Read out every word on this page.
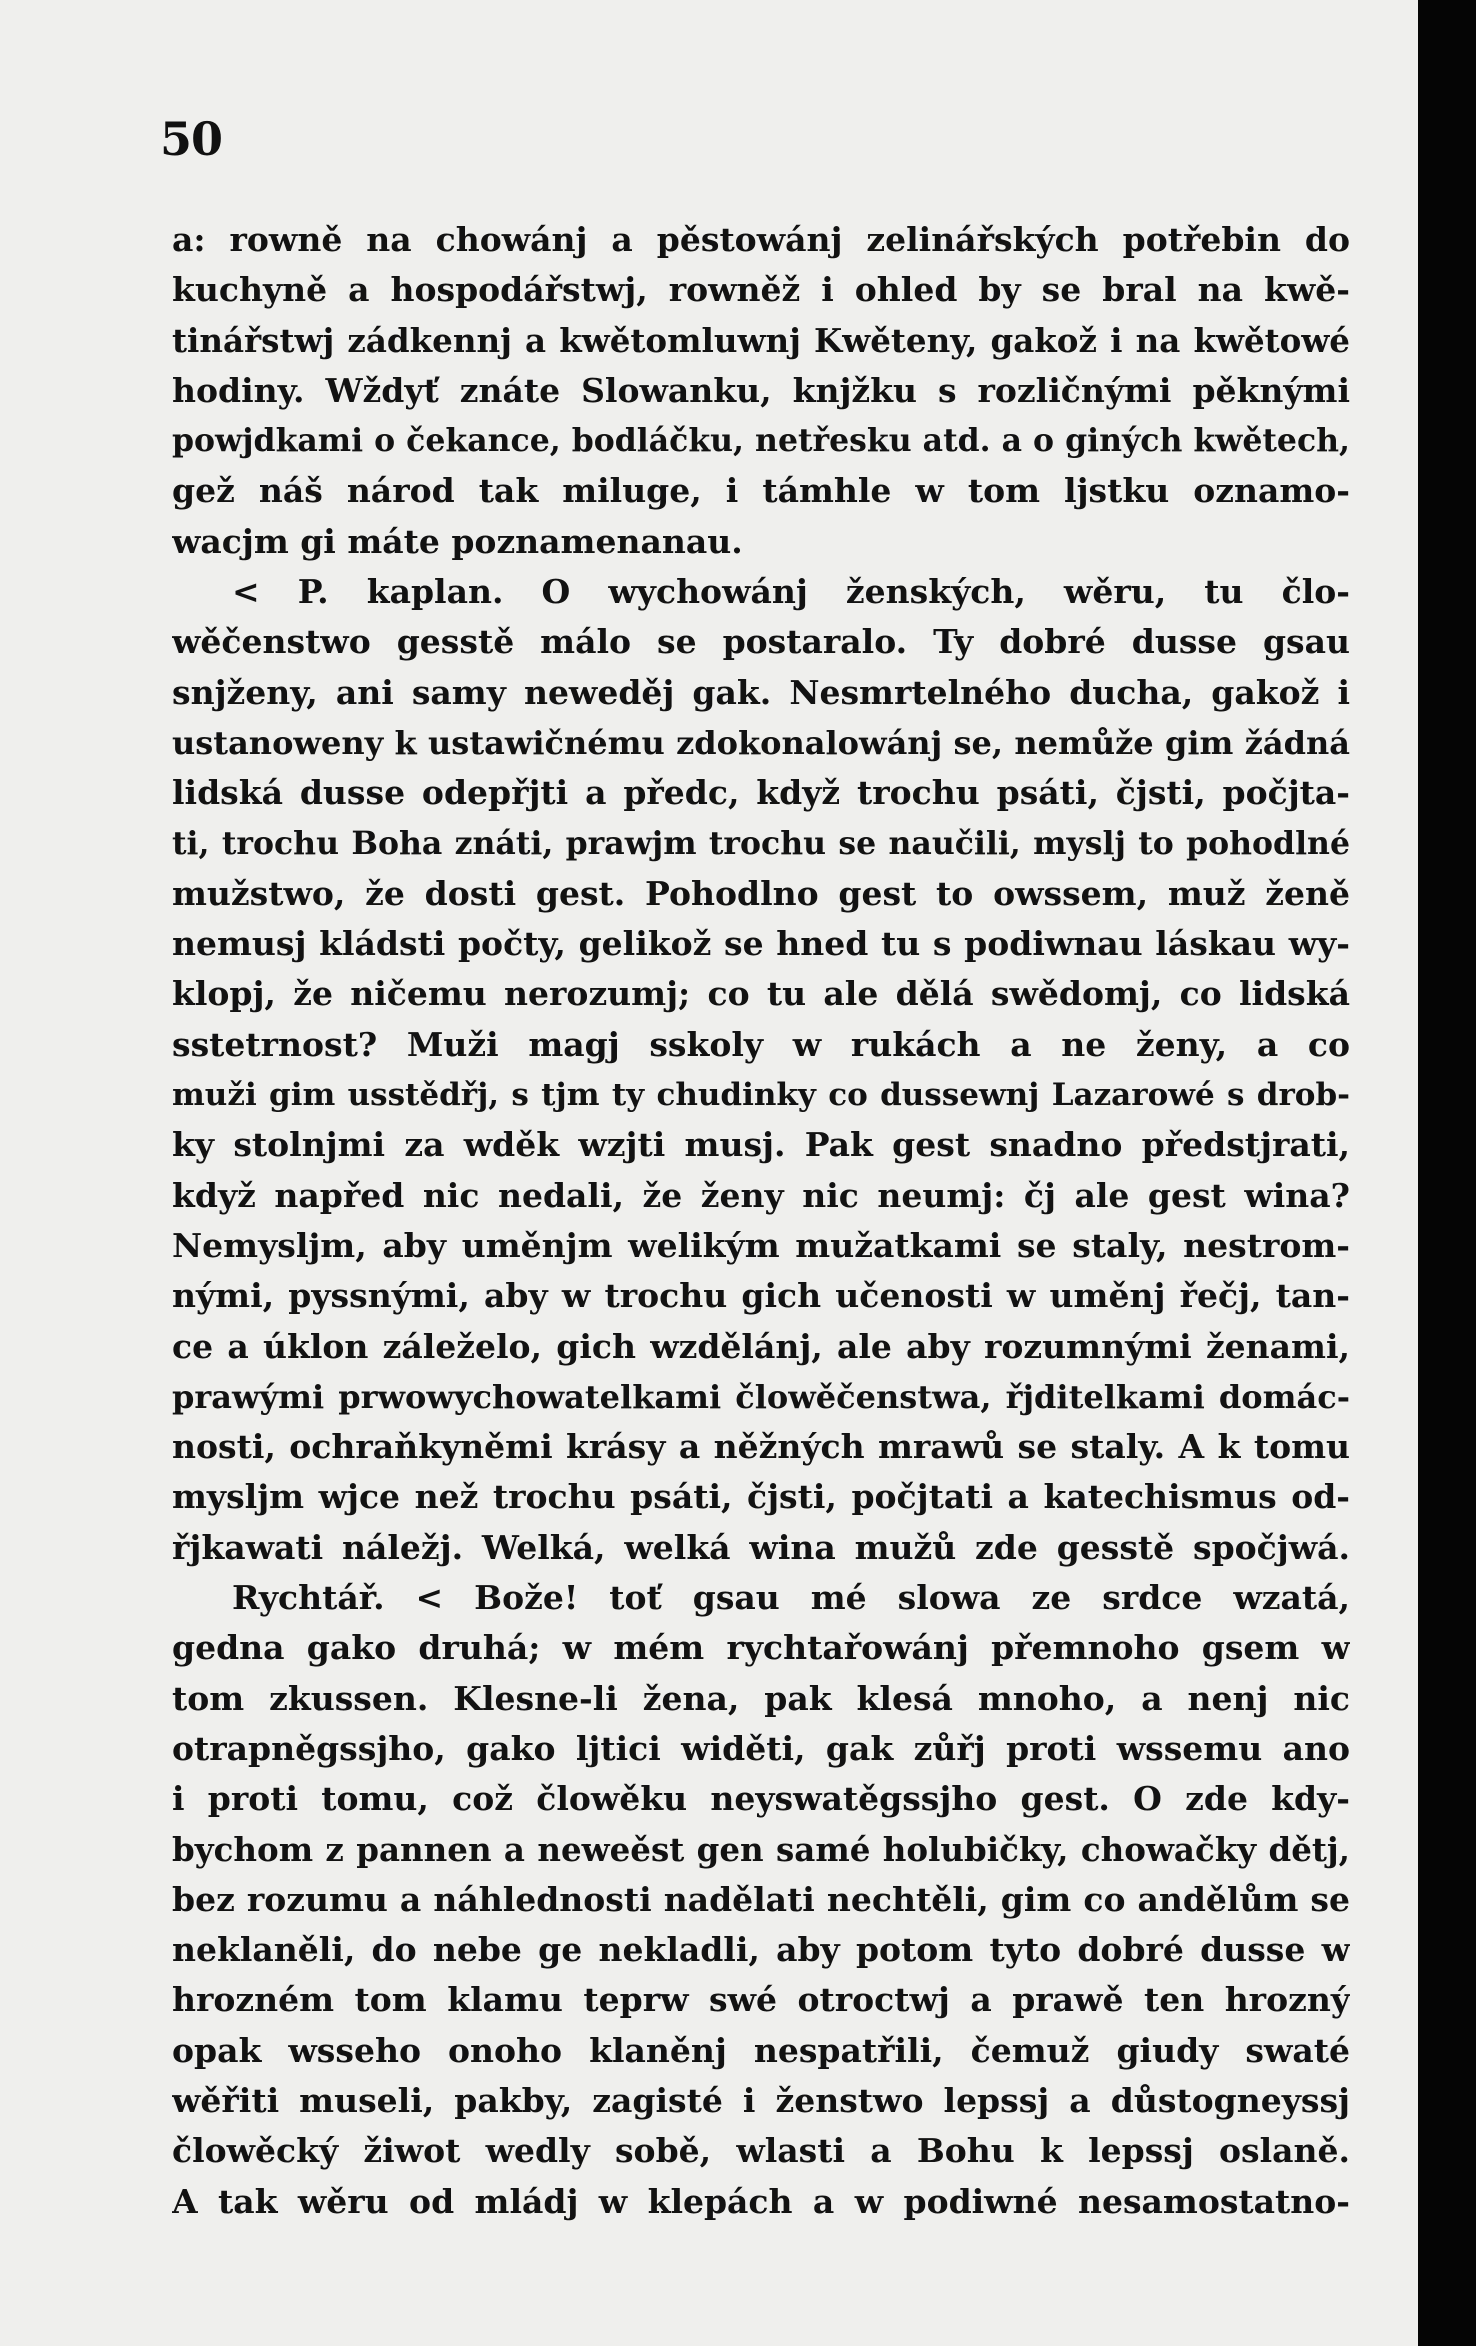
50
a: rowně na chowánj a pěstowánj zelinářských potřebin do
kuchyně a hospodářstwj, rowněž i ohled by se bral na kwě-
tinářstwj zádkennj a kwětomluwnj Kwěteny, gakož i na kwětowé
hodiny. Wždyť znáte Slowanku, knjžku s rozličnými pěknými
powjdkami o čekance, bodláčku, netřesku atd. a o giných kwětech,
gež náš národ tak miluge, i támhle w tom ljstku oznamo-
wacjm gi máte poznamenanau.
< P. kaplan. O wychowánj ženských, wěru, tu člo-
wěčenstwo gesstě málo se postaralo. Ty dobré dusse gsau
snjženy, ani samy neweděj gak. Nesmrtelného ducha, gakož i
ustanoweny k ustawičnému zdokonalowánj se, nemůže gim žádná
lidská dusse odepřjti a předc, když trochu psáti, čjsti, počjta-
ti, trochu Boha znáti, prawjm trochu se naučili, myslj to pohodlné
mužstwo, že dosti gest. Pohodlno gest to owssem, muž ženě
nemusj kládsti počty, gelikož se hned tu s podiwnau láskau wy-
klopj, že ničemu nerozumj; co tu ale dělá swědomj, co lidská
sstetrnost? Muži magj sskoly w rukách a ne ženy, a co
muži gim usstědřj, s tjm ty chudinky co dussewnj Lazarowé s drob-
ky stolnjmi za wděk wzjti musj. Pak gest snadno předstjrati,
když napřed nic nedali, že ženy nic neumj: čj ale gest wina?
Nemyslјm, aby uměnjm welikým mužatkami se staly, nestrom-
nými, pyssnými, aby w trochu gich učenosti w uměnj řečj, tan-
ce a úklon záleželo, gich wzdělánj, ale aby rozumnými ženami,
prawými prwowychowatelkami člowěčenstwa, řjditelkami domác-
nosti, ochraňkyněmi krásy a něžných mrawů se staly. A k tomu
myslјm wjce než trochu psáti, čjsti, počjtati a katechismus od-
řjkawati náležj. Welká, welká wina mužů zde gesstě spočjwá.
Rychtář. < Bože! toť gsau mé slowa ze srdce wzatá,
gedna gako druhá; w mém rychtařowánj přemnoho gsem w
tom zkussen. Klesne-li žena, pak klesá mnoho, a nenj nic
otrapněgssjho, gako ljtici widěti, gak zůřj proti wssemu ano
i proti tomu, což člowěku neyswatěgssjho gest. O zde kdy-
bychom z pannen a neweěst gen samé holubičky, chowačky dětj,
bez rozumu a náhlednosti nadělati nechtěli, gim co andělům se
neklaněli, do nebe ge nekladli, aby potom tyto dobré dusse w
hrozném tom klamu teprw swé otroctwj a prawě ten hrozný
opak wsseho onoho klaněnj nespatřili, čemuž giudy swaté
wěřiti museli, pakby, zagisté i ženstwo lepssj a důstogneyssj
člowěcký žiwot wedly sobě, wlasti a Bohu k lepssj oslaně.
A tak wěru od mládj w klepách a w podiwné nesamostatno-
